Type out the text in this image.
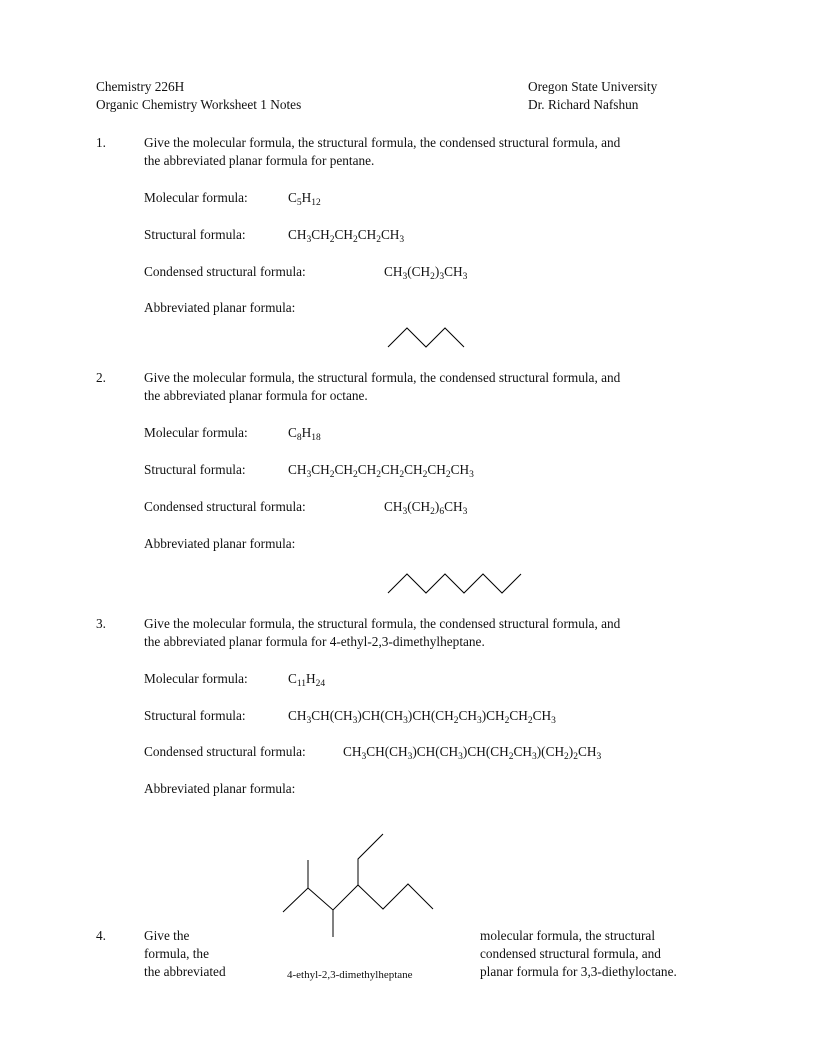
Chemistry 226H
Organic Chemistry Worksheet 1 Notes
Oregon State University
Dr. Richard Nafshun
1.	Give the molecular formula, the structural formula, the condensed structural formula, and
the abbreviated planar formula for pentane.
Molecular formula:	$C_5H_{12}$
Structural formula:	$CH_3CH_2CH_2CH_2CH_3$
Condensed structural formula:	$CH_3(CH_2)_3CH_3$
Abbreviated planar formula:
2.	Give the molecular formula, the structural formula, the condensed structural formula, and
the abbreviated planar formula for octane.
Molecular formula:	$C_8H_{18}$
Structural formula:	$CH_3CH_2CH_2CH_2CH_2CH_2CH_2CH_3$
Condensed structural formula:	$CH_3(CH_2)_6CH_3$
Abbreviated planar formula:
3.	Give the molecular formula, the structural formula, the condensed structural formula, and
the abbreviated planar formula for 4-ethyl-2,3-dimethylheptane.
Molecular formula:	$C_{11}H_{24}$
Structural formula:	$CH_3CH(CH_3)CH(CH_3)CH(CH_2CH_3)CH_2CH_2CH_3$
Condensed structural formula:	$CH_3CH(CH_3)CH(CH_3)CH(CH_2CH_3)(CH_2)_2CH_3$
Abbreviated planar formula:
4.	Give the
formula, the
the abbreviated
molecular formula, the structural
condensed structural formula, and
planar formula for 3,3-diethyloctane.
4-ethyl-2,3-dimethylheptane
